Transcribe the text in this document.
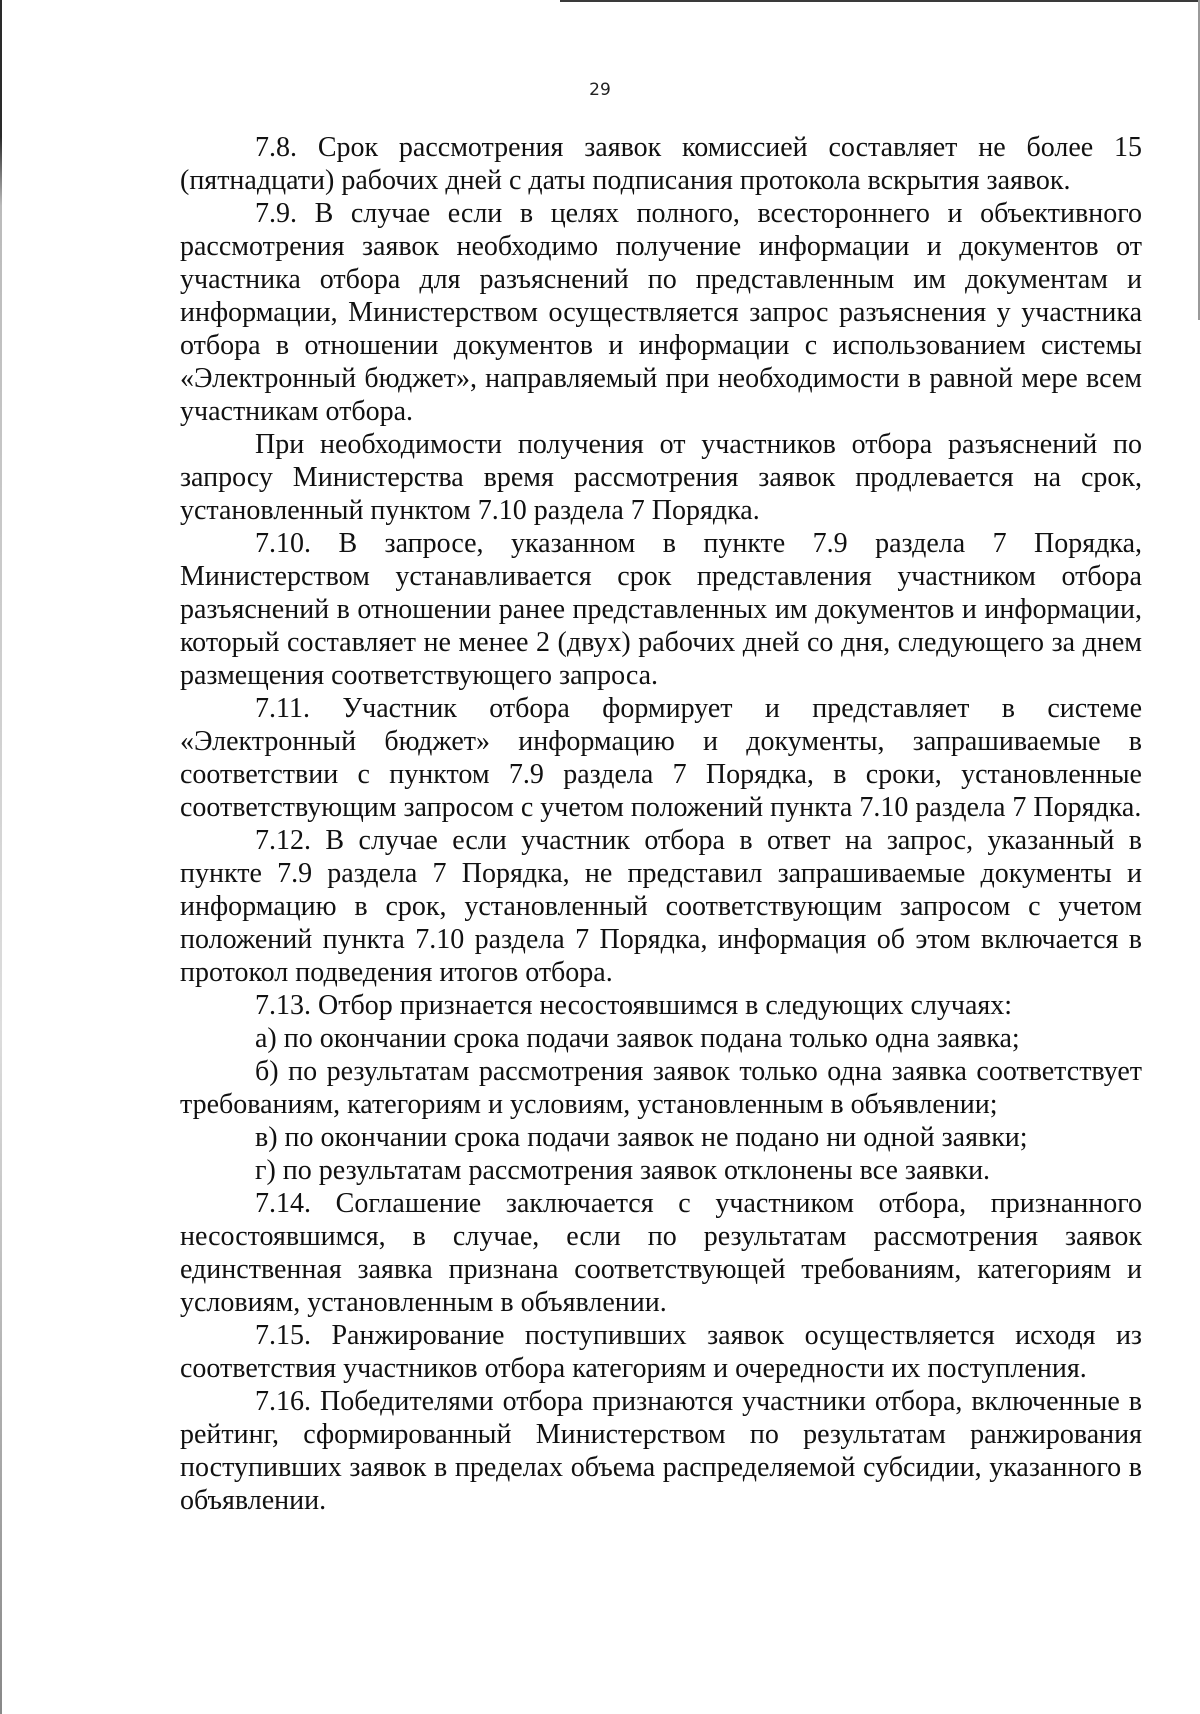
29

7.8. Срок рассмотрения заявок комиссией составляет не более 15 (пятнадцати) рабочих дней с даты подписания протокола вскрытия заявок.

7.9. В случае если в целях полного, всестороннего и объективного рассмотрения заявок необходимо получение информации и документов от участника отбора для разъяснений по представленным им документам и информации, Министерством осуществляется запрос разъяснения у участника отбора в отношении документов и информации с использованием системы «Электронный бюджет», направляемый при необходимости в равной мере всем участникам отбора.

При необходимости получения от участников отбора разъяснений по запросу Министерства время рассмотрения заявок продлевается на срок, установленный пунктом 7.10 раздела 7 Порядка.

7.10. В запросе, указанном в пункте 7.9 раздела 7 Порядка, Министерством устанавливается срок представления участником отбора разъяснений в отношении ранее представленных им документов и информации, который составляет не менее 2 (двух) рабочих дней со дня, следующего за днем размещения соответствующего запроса.

7.11. Участник отбора формирует и представляет в системе «Электронный бюджет» информацию и документы, запрашиваемые в соответствии с пунктом 7.9 раздела 7 Порядка, в сроки, установленные соответствующим запросом с учетом положений пункта 7.10 раздела 7 Порядка.

7.12. В случае если участник отбора в ответ на запрос, указанный в пункте 7.9 раздела 7 Порядка, не представил запрашиваемые документы и информацию в срок, установленный соответствующим запросом с учетом положений пункта 7.10 раздела 7 Порядка, информация об этом включается в протокол подведения итогов отбора.

7.13. Отбор признается несостоявшимся в следующих случаях:

а) по окончании срока подачи заявок подана только одна заявка;

б) по результатам рассмотрения заявок только одна заявка соответствует требованиям, категориям и условиям, установленным в объявлении;

в) по окончании срока подачи заявок не подано ни одной заявки;

г) по результатам рассмотрения заявок отклонены все заявки.

7.14. Соглашение заключается с участником отбора, признанного несостоявшимся, в случае, если по результатам рассмотрения заявок единственная заявка признана соответствующей требованиям, категориям и условиям, установленным в объявлении.

7.15. Ранжирование поступивших заявок осуществляется исходя из соответствия участников отбора категориям и очередности их поступления.

7.16. Победителями отбора признаются участники отбора, включенные в рейтинг, сформированный Министерством по результатам ранжирования поступивших заявок в пределах объема распределяемой субсидии, указанного в объявлении.
